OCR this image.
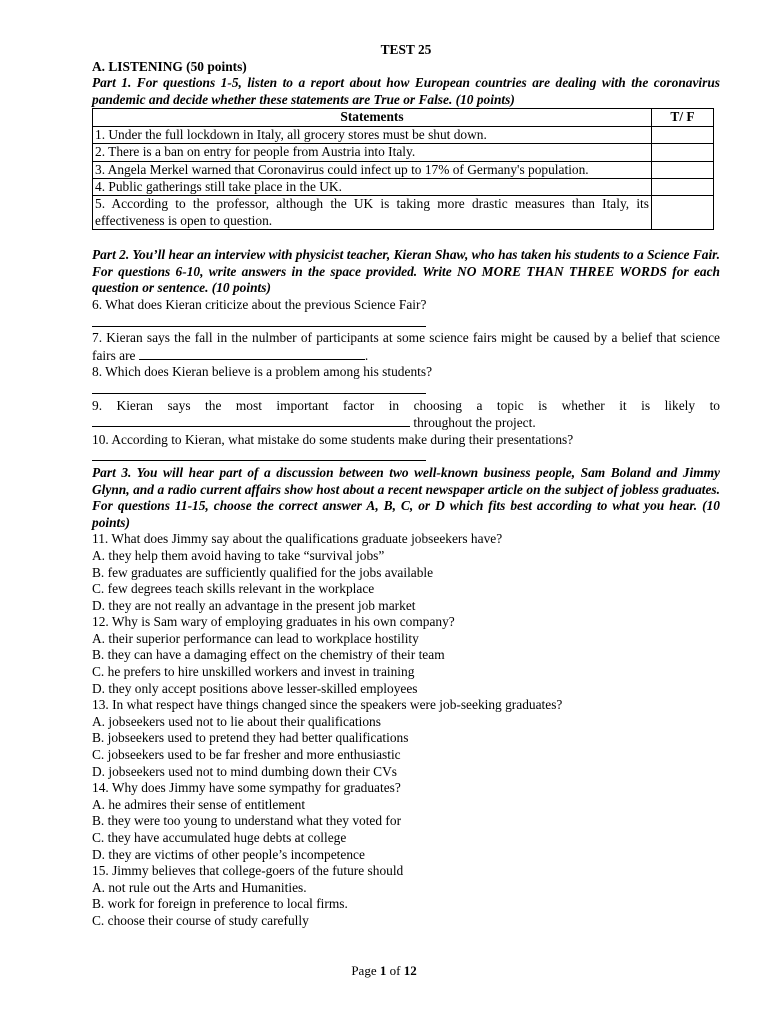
TEST 25
A. LISTENING (50 points)
Part 1. For questions 1-5, listen to a report about how European countries are dealing with the coronavirus pandemic and decide whether these statements are True or False. (10 points)
Statements	T/ F
1. Under the full lockdown in Italy, all grocery stores must be shut down.	
2. There is a ban on entry for people from Austria into Italy.	
3. Angela Merkel warned that Coronavirus could infect up to 17% of Germany's population.	
4. Public gatherings still take place in the UK.	
5. According to the professor, although the UK is taking more drastic measures than Italy, its effectiveness is open to question.	
Part 2. You’ll hear an interview with physicist teacher, Kieran Shaw, who has taken his students to a Science Fair. For questions 6-10, write answers in the space provided. Write NO MORE THAN THREE WORDS for each question or sentence. (10 points)
6. What does Kieran criticize about the previous Science Fair?
7. Kieran says the fall in the nulmber of participants at some science fairs might be caused by a belief that science fairs are	.
8. Which does Kieran believe is a problem among his students?
9. Kieran says the most important factor in choosing a topic is whether it is likely to
throughout the project.
10. According to Kieran, what mistake do some students make during their presentations?
Part 3. You will hear part of a discussion between two well-known business people, Sam Boland and Jimmy Glynn, and a radio current affairs show host about a recent newspaper article on the subject of jobless graduates. For questions 11-15, choose the correct answer A, B, C, or D which fits best according to what you hear. (10 points)
11. What does Jimmy say about the qualifications graduate jobseekers have?
A. they help them avoid having to take “survival jobs”
B. few graduates are sufficiently qualified for the jobs available
C. few degrees teach skills relevant in the workplace
D. they are not really an advantage in the present job market
12. Why is Sam wary of employing graduates in his own company?
A. their superior performance can lead to workplace hostility
B. they can have a damaging effect on the chemistry of their team
C. he prefers to hire unskilled workers and invest in training
D. they only accept positions above lesser-skilled employees
13. In what respect have things changed since the speakers were job-seeking graduates?
A. jobseekers used not to lie about their qualifications
B. jobseekers used to pretend they had better qualifications
C. jobseekers used to be far fresher and more enthusiastic
D. jobseekers used not to mind dumbing down their CVs
14. Why does Jimmy have some sympathy for graduates?
A. he admires their sense of entitlement
B. they were too young to understand what they voted for
C. they have accumulated huge debts at college
D. they are victims of other people’s incompetence
15. Jimmy believes that college-goers of the future should
A. not rule out the Arts and Humanities.
B. work for foreign in preference to local firms.
C. choose their course of study carefully
Page 1 of 12
